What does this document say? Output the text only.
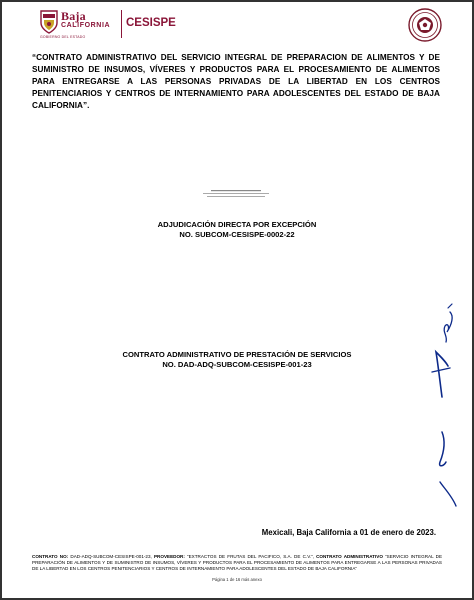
Baja
CALIFORNIA
GOBIERNO DEL ESTADO
CESISPE
“CONTRATO ADMINISTRATIVO DEL SERVICIO INTEGRAL DE PREPARACION DE ALIMENTOS Y DE SUMINISTRO DE INSUMOS, VÍVERES Y PRODUCTOS PARA EL PROCESAMIENTO DE ALIMENTOS PARA ENTREGARSE A LAS PERSONAS PRIVADAS DE LA LIBERTAD EN LOS CENTROS PENITENCIARIOS Y CENTROS DE INTERNAMIENTO PARA ADOLESCENTES DEL ESTADO DE BAJA CALIFORNIA”.
ADJUDICACIÓN DIRECTA POR EXCEPCIÓN
NO. SUBCOM-CESISPE-0002-22
CONTRATO ADMINISTRATIVO DE PRESTACIÓN DE SERVICIOS
NO. DAD-ADQ-SUBCOM-CESISPE-001-23
Mexicali, Baja California a 01 de enero de 2023.
CONTRATO NO: DAD-ADQ-SUBCOM-CESISPE-001-23, PROVEEDOR: “EXTRACTOS DE FRUTAS DEL PACIFICO, S.A. DE C.V.”, CONTRATO ADMINISTRATIVO “SERVICIO INTEGRAL DE PREPARACIÓN DE ALIMENTOS Y DE SUMINISTRO DE INSUMOS, VÍVERES Y PRODUCTOS PARA EL PROCESAMIENTO DE ALIMENTOS PARA ENTREGARSE A LAS PERSONAS PRIVADAS DE LA LIBERTAD EN LOS CENTROS PENITENCIARIOS Y CENTROS DE INTERNAMIENTO PARA ADOLESCENTES DEL ESTADO DE BAJA CALIFORNIA”
Página 1 de 16 más anexo
